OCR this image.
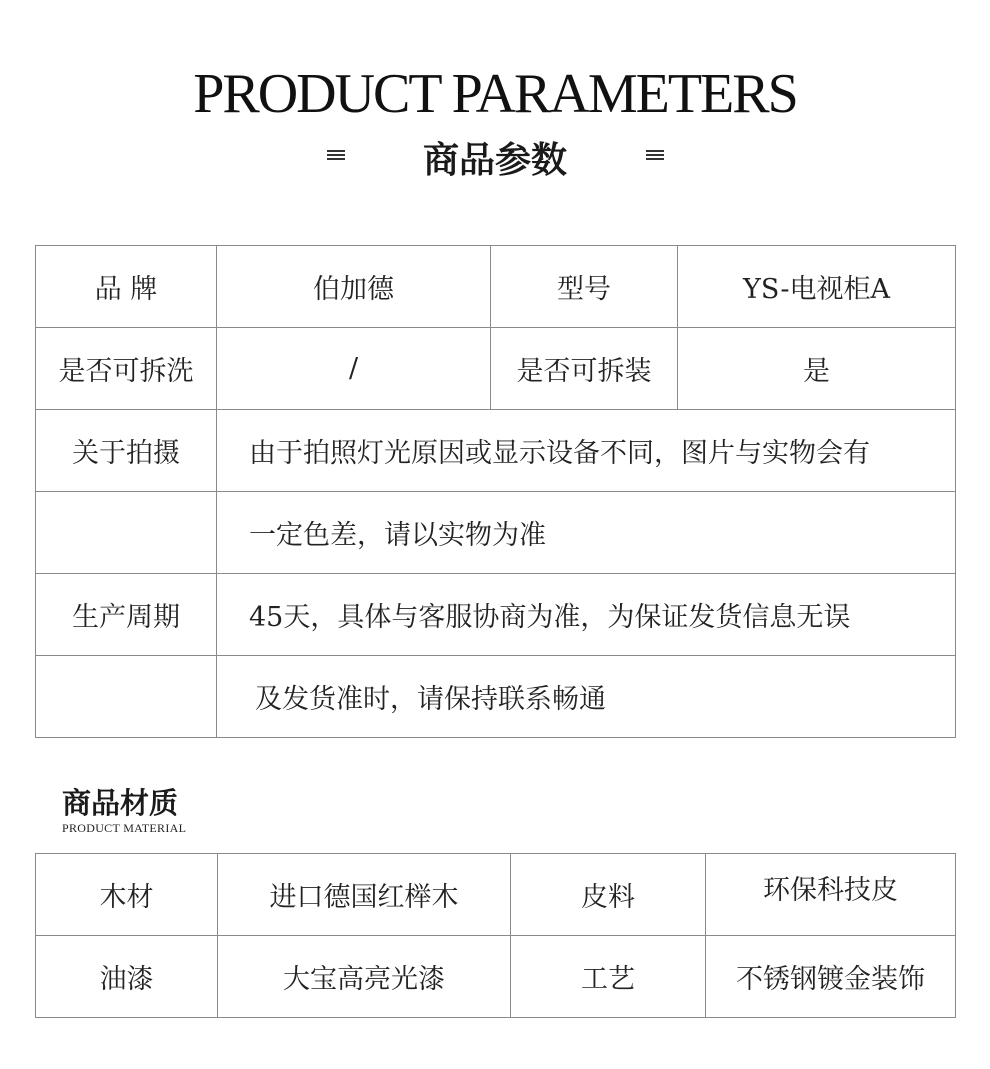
PRODUCT PARAMETERS
商品参数
品 牌	伯加德	型号	YS-电视柜A
是否可拆洗	/	是否可拆装	是
关于拍摄	由于拍照灯光原因或显示设备不同，图片与实物会有		
	一定色差，请以实物为准		
生产周期	45天，具体与客服协商为准，为保证发货信息无误		
	及发货准时，请保持联系畅通		
商品材质
PRODUCT MATERIAL
木材	进口德国红榉木	皮料	环保科技皮
油漆	大宝高亮光漆	工艺	不锈钢镀金装饰
